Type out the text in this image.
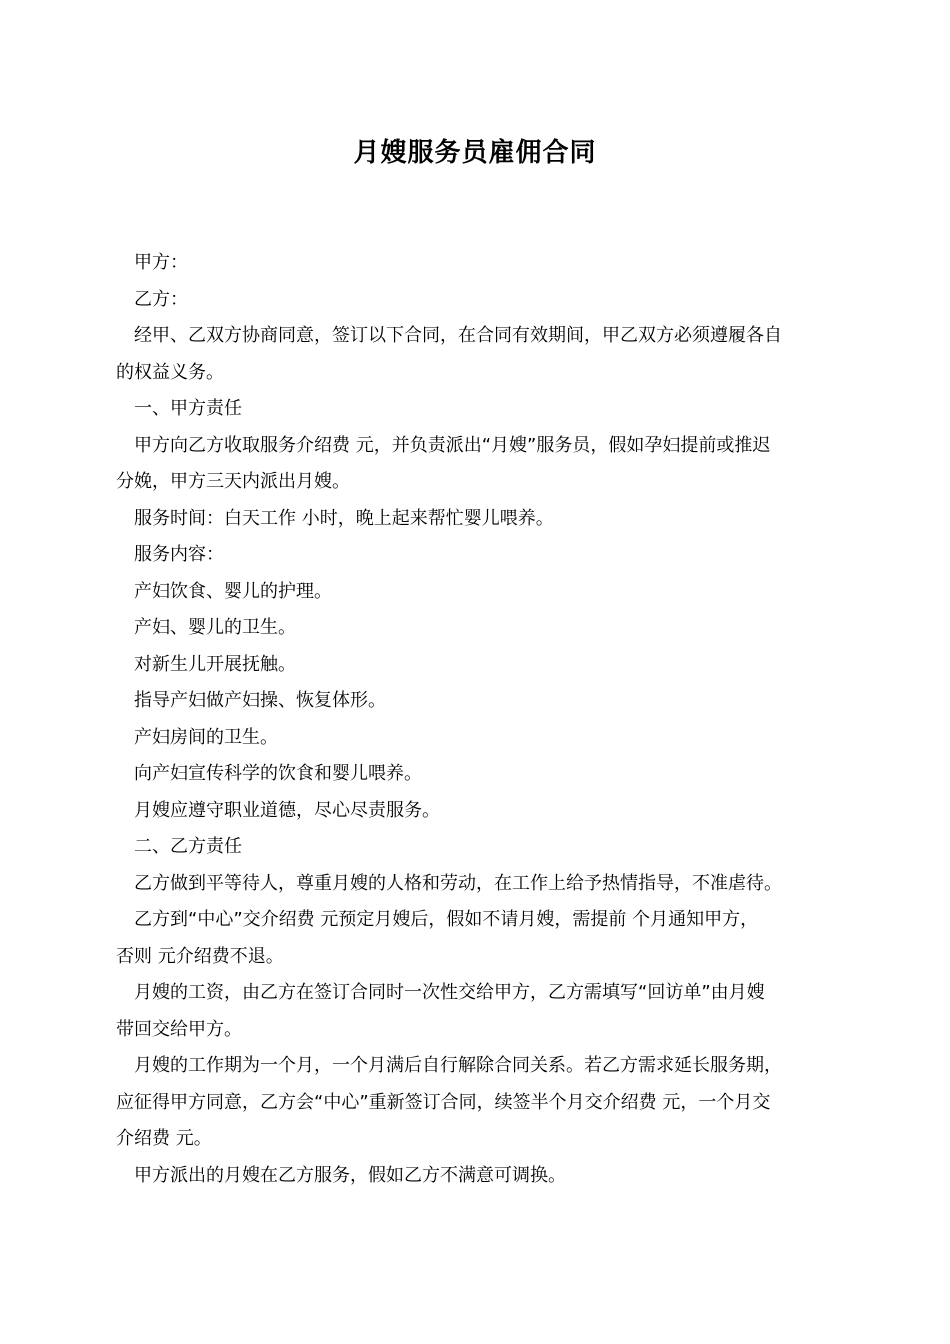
月嫂服务员雇佣合同

甲方：

乙方：

经甲、乙双方协商同意，签订以下合同，在合同有效期间，甲乙双方必须遵履各自

的权益义务。

一、甲方责任

甲方向乙方收取服务介绍费 元，并负责派出“月嫂”服务员，假如孕妇提前或推迟

分娩，甲方三天内派出月嫂。

服务时间：白天工作 小时，晚上起来帮忙婴儿喂养。

服务内容：

产妇饮食、婴儿的护理。

产妇、婴儿的卫生。

对新生儿开展抚触。

指导产妇做产妇操、恢复体形。

产妇房间的卫生。

向产妇宣传科学的饮食和婴儿喂养。

月嫂应遵守职业道德，尽心尽责服务。

二、乙方责任

乙方做到平等待人，尊重月嫂的人格和劳动，在工作上给予热情指导，不准虐待。

乙方到“中心”交介绍费 元预定月嫂后，假如不请月嫂，需提前 个月通知甲方，

否则 元介绍费不退。

月嫂的工资，由乙方在签订合同时一次性交给甲方，乙方需填写“回访单”由月嫂

带回交给甲方。

月嫂的工作期为一个月，一个月满后自行解除合同关系。若乙方需求延长服务期，

应征得甲方同意，乙方会“中心”重新签订合同，续签半个月交介绍费 元，一个月交

介绍费 元。

甲方派出的月嫂在乙方服务，假如乙方不满意可调换。
